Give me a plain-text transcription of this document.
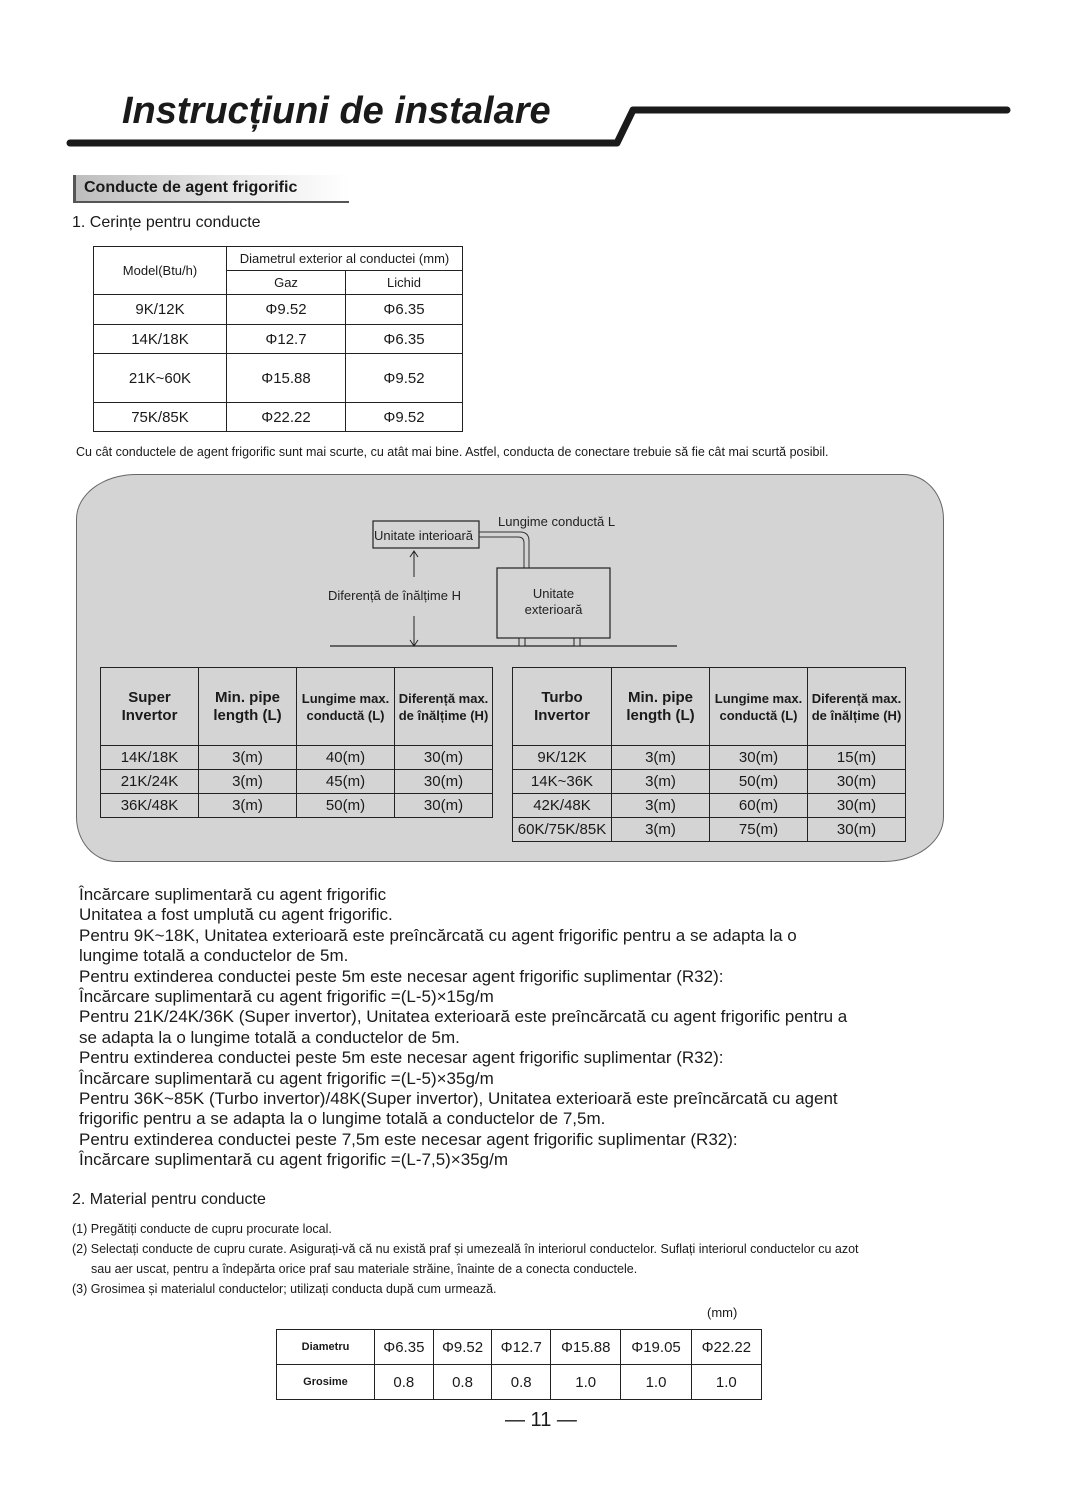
Instrucțiuni de instalare
Conducte de agent frigorific
1. Cerințe pentru conducte
Model(Btu/h)	Diametrul exterior al conductei (mm)	
	Gaz	Lichid
9K/12K	Φ9.52	Φ6.35
14K/18K	Φ12.7	Φ6.35
21K~60K	Φ15.88	Φ9.52
75K/85K	Φ22.22	Φ9.52
Cu cât conductele de agent frigorific sunt mai scurte, cu atât mai bine. Astfel, conducta de conectare trebuie să fie cât mai scurtă posibil.
Unitate interioară
Lungime conductă L
Diferență de înălțime H	Unitate
exterioară
Super Invertor	Min. pipe length (L)	Lungime max. conductă (L)	Diferență max. de înălțime (H)
14K/18K	3(m)	40(m)	30(m)
21K/24K	3(m)	45(m)	30(m)
36K/48K	3(m)	50(m)	30(m)
Turbo Invertor	Min. pipe length (L)	Lungime max. conductă (L)	Diferență max. de înălțime (H)
9K/12K	3(m)	30(m)	15(m)
14K~36K	3(m)	50(m)	30(m)
42K/48K	3(m)	60(m)	30(m)
60K/75K/85K	3(m)	75(m)	30(m)
Încărcare suplimentară cu agent frigorific
Unitatea a fost umplută cu agent frigorific.
Pentru 9K~18K, Unitatea exterioară este preîncărcată cu agent frigorific pentru a se adapta la o
lungime totală a conductelor de 5m.
Pentru extinderea conductei peste 5m este necesar agent frigorific suplimentar (R32):
Încărcare suplimentară cu agent frigorific =(L-5)×15g/m
Pentru 21K/24K/36K (Super invertor), Unitatea exterioară este preîncărcată cu agent frigorific pentru a
se adapta la o lungime totală a conductelor de 5m.
Pentru extinderea conductei peste 5m este necesar agent frigorific suplimentar (R32):
Încărcare suplimentară cu agent frigorific =(L-5)×35g/m
Pentru 36K~85K (Turbo invertor)/48K(Super invertor), Unitatea exterioară este preîncărcată cu agent
frigorific pentru a se adapta la o lungime totală a conductelor de 7,5m.
Pentru extinderea conductei peste 7,5m este necesar agent frigorific suplimentar (R32):
Încărcare suplimentară cu agent frigorific =(L-7,5)×35g/m
2. Material pentru conducte
(1) Pregătiți conducte de cupru procurate local.
(2) Selectați conducte de cupru curate. Asigurați-vă că nu există praf și umezeală în interiorul conductelor. Suflați interiorul conductelor cu azot
sau aer uscat, pentru a îndepărta orice praf sau materiale străine, înainte de a conecta conductele.
(3) Grosimea și materialul conductelor; utilizați conducta după cum urmează.
(mm)
Diametru	Φ6.35	Φ9.52	Φ12.7	Φ15.88	Φ19.05	Φ22.22
Grosime	0.8	0.8	0.8	1.0	1.0	1.0
— 11 —
